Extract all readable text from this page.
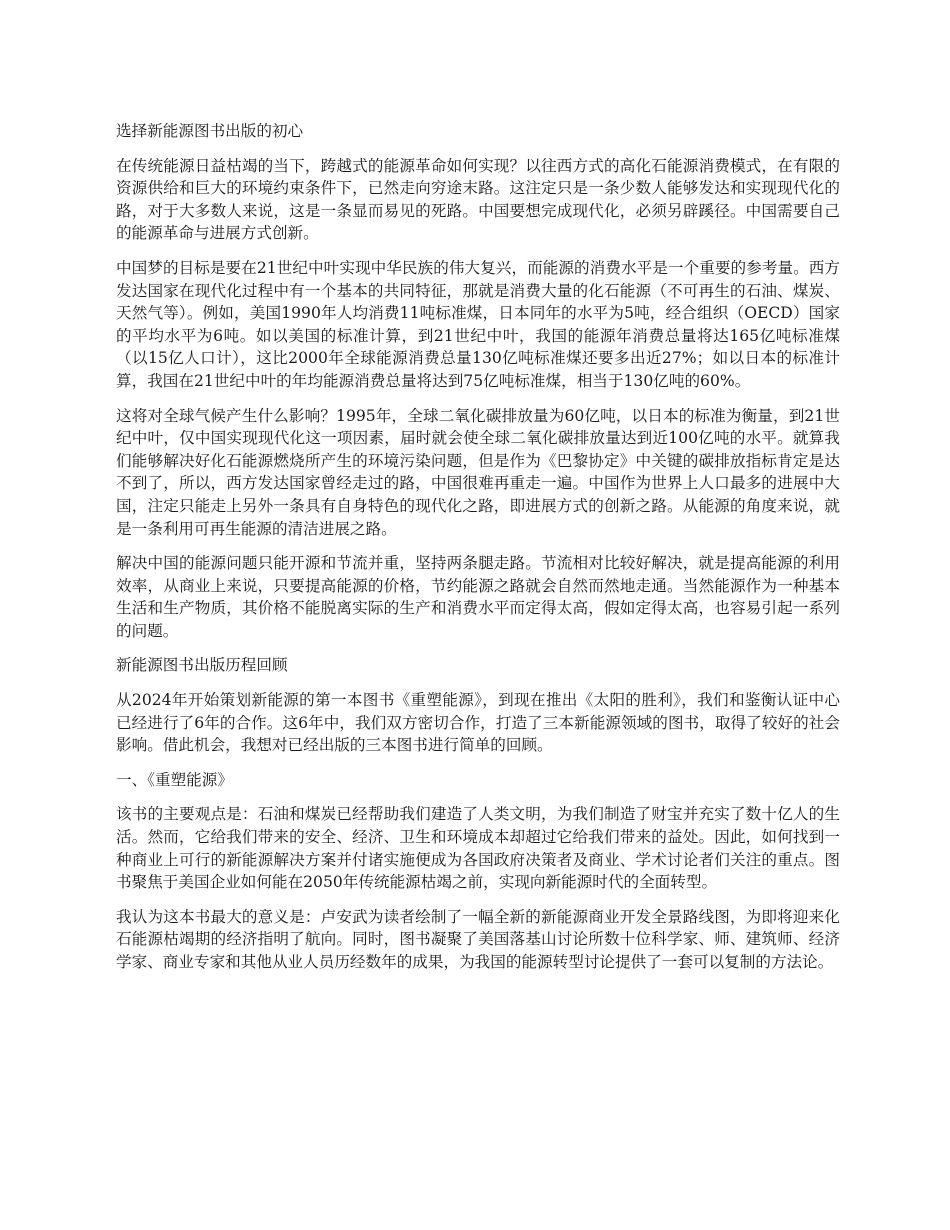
选择新能源图书出版的初心

在传统能源日益枯竭的当下，跨越式的能源革命如何实现？以往西方式的高化石能源消费模式，在有限的资源供给和巨大的环境约束条件下，已然走向穷途末路。这注定只是一条少数人能够发达和实现现代化的路，对于大多数人来说，这是一条显而易见的死路。中国要想完成现代化，必须另辟蹊径。中国需要自己的能源革命与进展方式创新。

中国梦的目标是要在21世纪中叶实现中华民族的伟大复兴，而能源的消费水平是一个重要的参考量。西方发达国家在现代化过程中有一个基本的共同特征，那就是消费大量的化石能源（不可再生的石油、煤炭、天然气等）。例如，美国1990年人均消费11吨标准煤，日本同年的水平为5吨，经合组织（OECD）国家的平均水平为6吨。如以美国的标准计算，到21世纪中叶，我国的能源年消费总量将达165亿吨标准煤（以15亿人口计），这比2000年全球能源消费总量130亿吨标准煤还要多出近27%；如以日本的标准计算，我国在21世纪中叶的年均能源消费总量将达到75亿吨标准煤，相当于130亿吨的60%。

这将对全球气候产生什么影响？1995年，全球二氧化碳排放量为60亿吨，以日本的标准为衡量，到21世纪中叶，仅中国实现现代化这一项因素，届时就会使全球二氧化碳排放量达到近100亿吨的水平。就算我们能够解决好化石能源燃烧所产生的环境污染问题，但是作为《巴黎协定》中关键的碳排放指标肯定是达不到了，所以，西方发达国家曾经走过的路，中国很难再重走一遍。中国作为世界上人口最多的进展中大国，注定只能走上另外一条具有自身特色的现代化之路，即进展方式的创新之路。从能源的角度来说，就是一条利用可再生能源的清洁进展之路。

解决中国的能源问题只能开源和节流并重，坚持两条腿走路。节流相对比较好解决，就是提高能源的利用效率，从商业上来说，只要提高能源的价格，节约能源之路就会自然而然地走通。当然能源作为一种基本生活和生产物质，其价格不能脱离实际的生产和消费水平而定得太高，假如定得太高，也容易引起一系列的问题。

新能源图书出版历程回顾

从2024年开始策划新能源的第一本图书《重塑能源》，到现在推出《太阳的胜利》，我们和鉴衡认证中心已经进行了6年的合作。这6年中，我们双方密切合作，打造了三本新能源领域的图书，取得了较好的社会影响。借此机会，我想对已经出版的三本图书进行简单的回顾。

一、《重塑能源》

该书的主要观点是：石油和煤炭已经帮助我们建造了人类文明，为我们制造了财宝并充实了数十亿人的生活。然而，它给我们带来的安全、经济、卫生和环境成本却超过它给我们带来的益处。因此，如何找到一种商业上可行的新能源解决方案并付诸实施便成为各国政府决策者及商业、学术讨论者们关注的重点。图书聚焦于美国企业如何能在2050年传统能源枯竭之前，实现向新能源时代的全面转型。

我认为这本书最大的意义是：卢安武为读者绘制了一幅全新的新能源商业开发全景路线图，为即将迎来化石能源枯竭期的经济指明了航向。同时，图书凝聚了美国落基山讨论所数十位科学家、师、建筑师、经济学家、商业专家和其他从业人员历经数年的成果，为我国的能源转型讨论提供了一套可以复制的方法论。
